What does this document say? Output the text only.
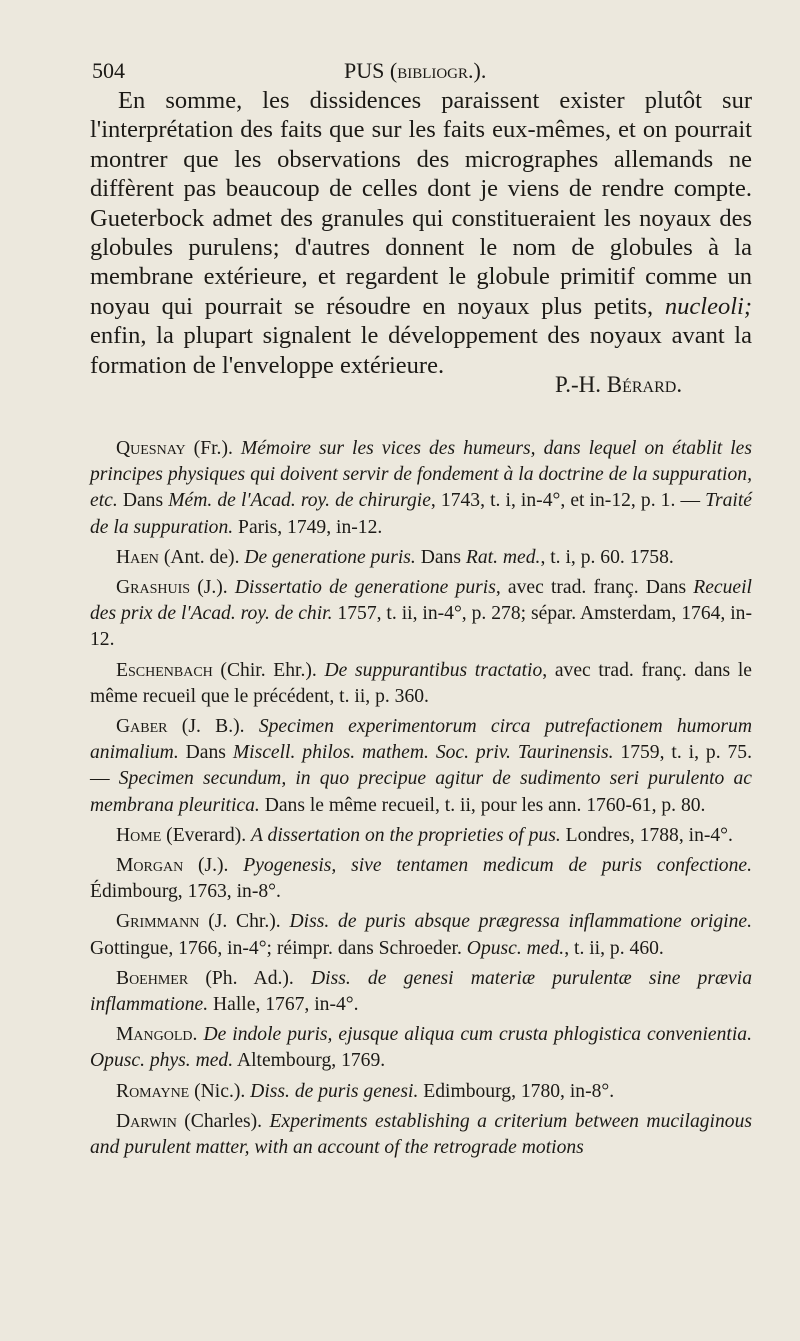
504	PUS (bibliogr.).

En somme, les dissidences paraissent exister plutôt sur l'interprétation des faits que sur les faits eux-mêmes, et on pourrait montrer que les observations des micrographes allemands ne diffèrent pas beaucoup de celles dont je viens de rendre compte. Gueterbock admet des granules qui constitueraient les noyaux des globules purulens; d'autres donnent le nom de globules à la membrane extérieure, et regardent le globule primitif comme un noyau qui pourrait se résoudre en noyaux plus petits, nucleoli; enfin, la plupart signalent le développement des noyaux avant la formation de l'enveloppe extérieure.

P.-H. Bérard.

Quesnay (Fr.). Mémoire sur les vices des humeurs, dans lequel on établit les principes physiques qui doivent servir de fondement à la doctrine de la suppuration, etc. Dans Mém. de l'Acad. roy. de chirurgie, 1743, t. i, in-4°, et in-12, p. 1. — Traité de la suppuration. Paris, 1749, in-12.

Haen (Ant. de). De generatione puris. Dans Rat. med., t. i, p. 60. 1758.

Grashuis (J.). Dissertatio de generatione puris, avec trad. franç. Dans Recueil des prix de l'Acad. roy. de chir. 1757, t. ii, in-4°, p. 278; sépar. Amsterdam, 1764, in-12.

Eschenbach (Chir. Ehr.). De suppurantibus tractatio, avec trad. franç. dans le même recueil que le précédent, t. ii, p. 360.

Gaber (J. B.). Specimen experimentorum circa putrefactionem humorum animalium. Dans Miscell. philos. mathem. Soc. priv. Taurinensis. 1759, t. i, p. 75. — Specimen secundum, in quo precipue agitur de sudimento seri purulento ac membrana pleuritica. Dans le même recueil, t. ii, pour les ann. 1760-61, p. 80.

Home (Everard). A dissertation on the proprieties of pus. Londres, 1788, in-4°.

Morgan (J.). Pyogenesis, sive tentamen medicum de puris confectione. Édimbourg, 1763, in-8°.

Grimmann (J. Chr.). Diss. de puris absque prægressa inflammatione origine. Gottingue, 1766, in-4°; réimpr. dans Schroeder. Opusc. med., t. ii, p. 460.

Boehmer (Ph. Ad.). Diss. de genesi materiæ purulentæ sine prævia inflammatione. Halle, 1767, in-4°.

Mangold. De indole puris, ejusque aliqua cum crusta phlogistica convenientia. Opusc. phys. med. Altembourg, 1769.

Romayne (Nic.). Diss. de puris genesi. Edimbourg, 1780, in-8°.

Darwin (Charles). Experiments establishing a criterium between mucilaginous and purulent matter, with an account of the retrograde motions
